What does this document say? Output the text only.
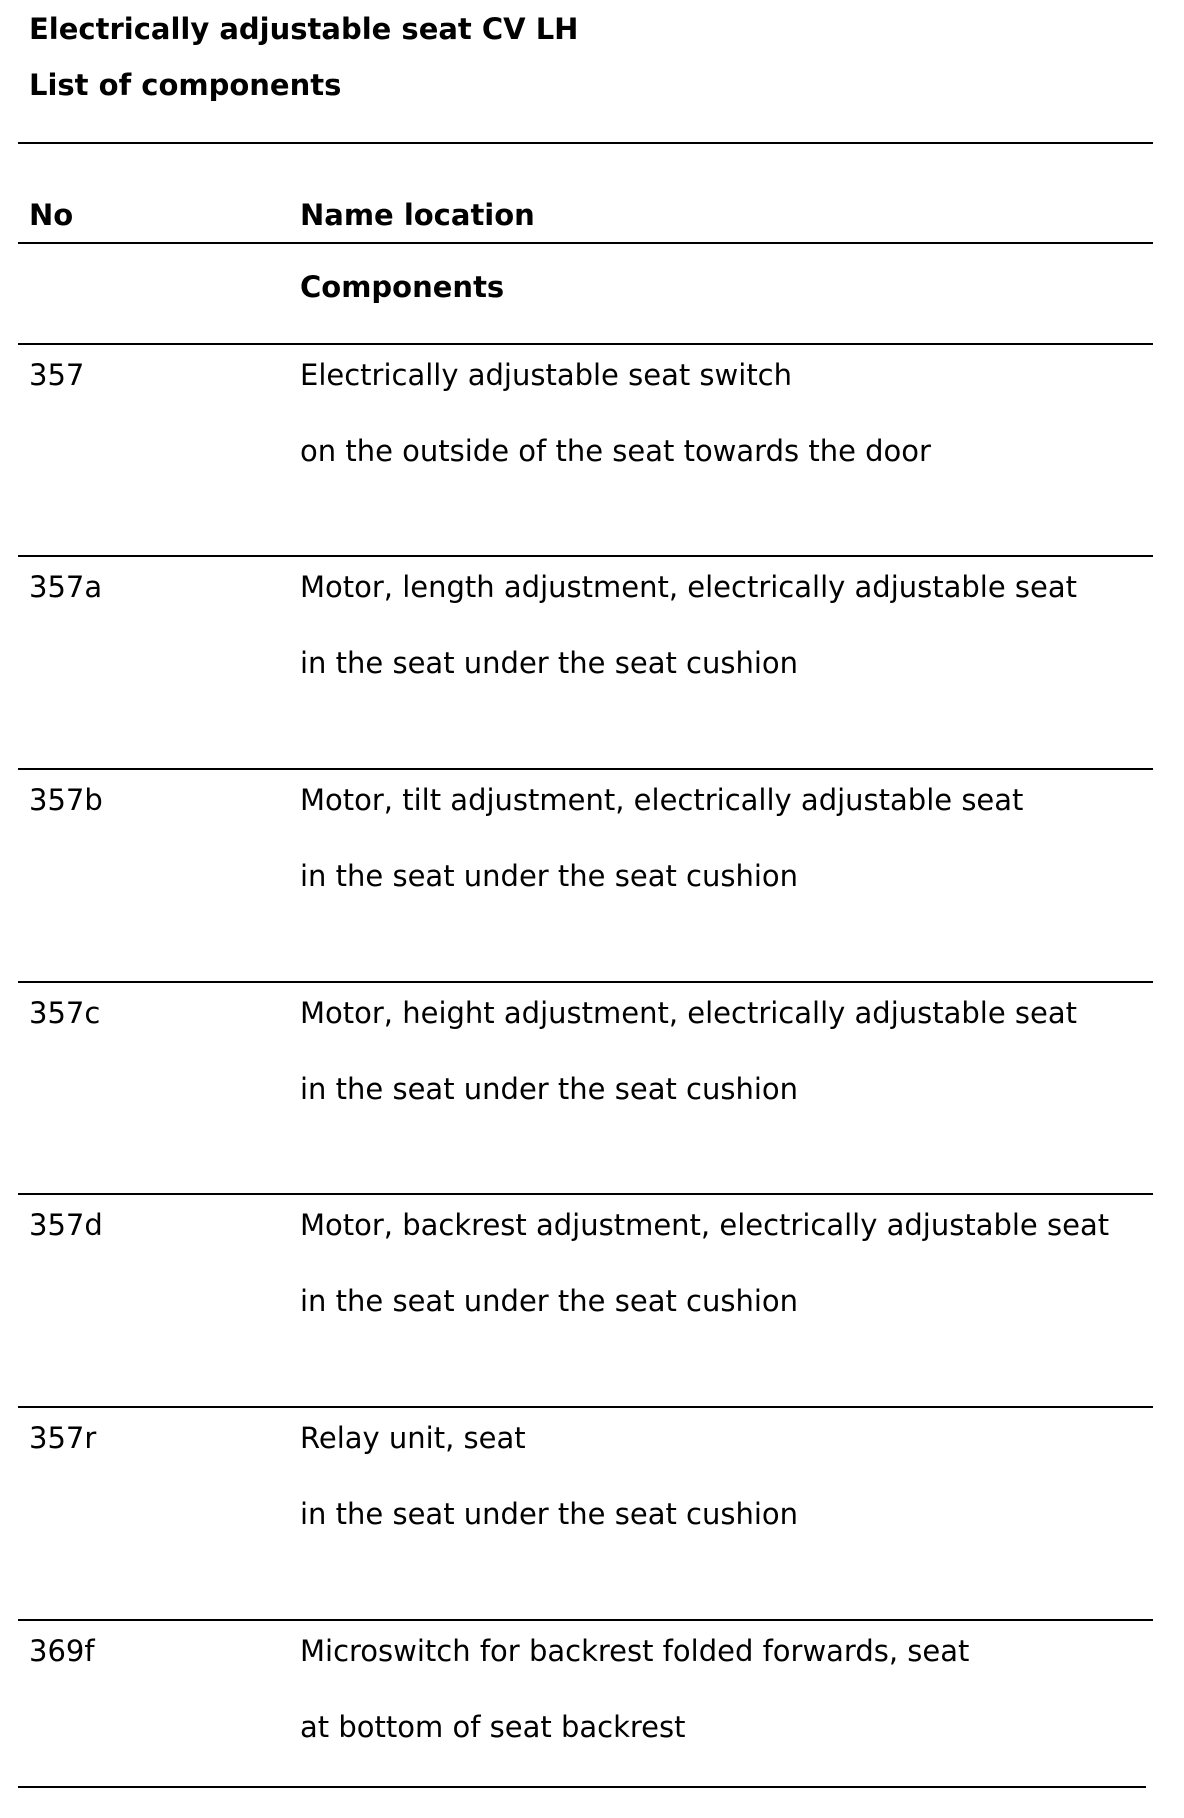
Electrically adjustable seat CV LH
List of components
No	Name location
Components
357	Electrically adjustable seat switch
on the outside of the seat towards the door
357a	Motor, length adjustment, electrically adjustable seat
in the seat under the seat cushion
357b	Motor, tilt adjustment, electrically adjustable seat
in the seat under the seat cushion
357c	Motor, height adjustment, electrically adjustable seat
in the seat under the seat cushion
357d	Motor, backrest adjustment, electrically adjustable seat
in the seat under the seat cushion
357r	Relay unit, seat
in the seat under the seat cushion
369f	Microswitch for backrest folded forwards, seat
at bottom of seat backrest
